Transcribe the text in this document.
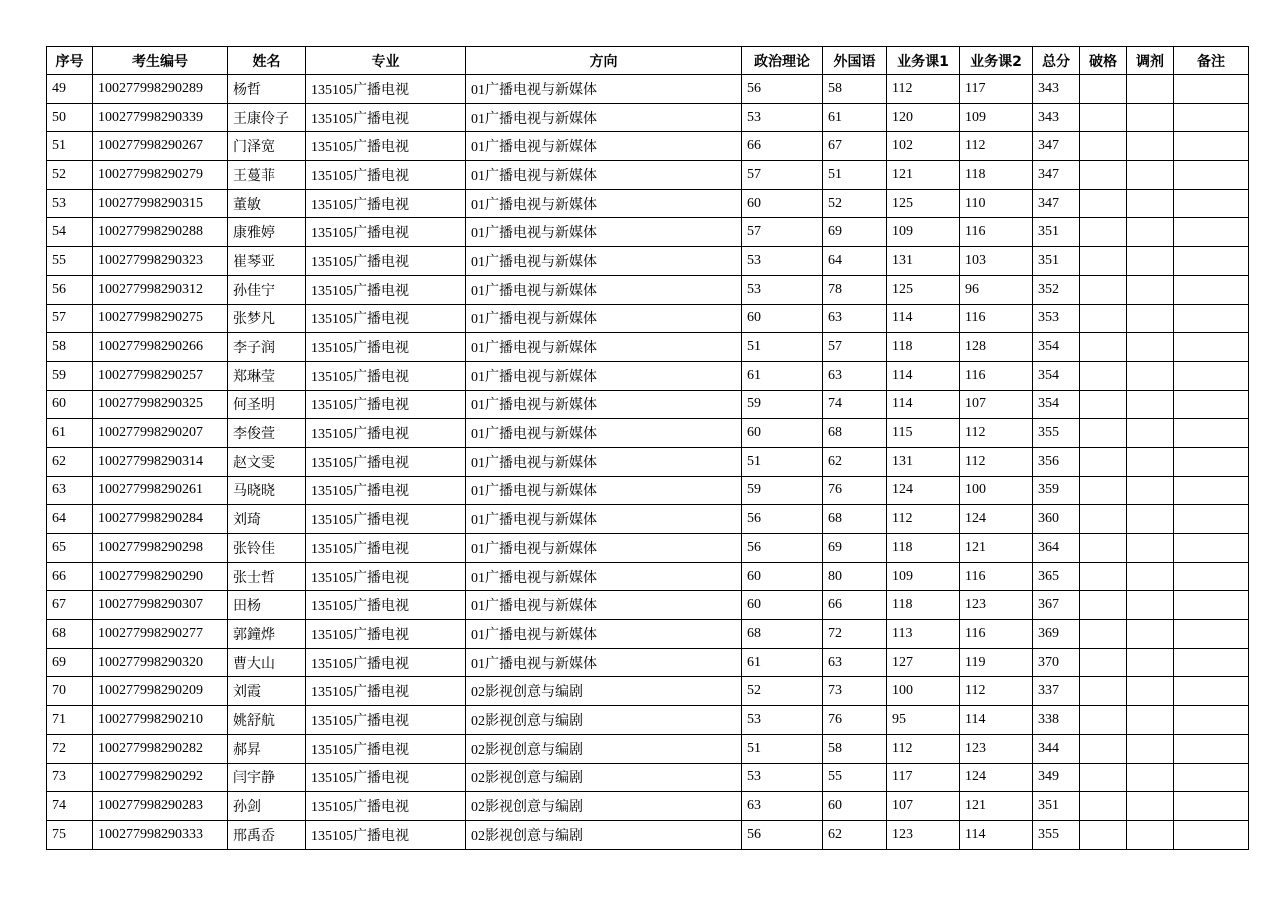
序号	考生编号	姓名	专业	方向	政治理论	外国语	业务课1	业务课2	总分	破格	调剂	备注
49	100277998290289	杨哲	135105广播电视	01广播电视与新媒体	56	58	112	117	343			
50	100277998290339	王康伶子	135105广播电视	01广播电视与新媒体	53	61	120	109	343			
51	100277998290267	门泽宽	135105广播电视	01广播电视与新媒体	66	67	102	112	347			
52	100277998290279	王蔓菲	135105广播电视	01广播电视与新媒体	57	51	121	118	347			
53	100277998290315	董敏	135105广播电视	01广播电视与新媒体	60	52	125	110	347			
54	100277998290288	康雅婷	135105广播电视	01广播电视与新媒体	57	69	109	116	351			
55	100277998290323	崔琴亚	135105广播电视	01广播电视与新媒体	53	64	131	103	351			
56	100277998290312	孙佳宁	135105广播电视	01广播电视与新媒体	53	78	125	96	352			
57	100277998290275	张梦凡	135105广播电视	01广播电视与新媒体	60	63	114	116	353			
58	100277998290266	李子润	135105广播电视	01广播电视与新媒体	51	57	118	128	354			
59	100277998290257	郑琳莹	135105广播电视	01广播电视与新媒体	61	63	114	116	354			
60	100277998290325	何圣明	135105广播电视	01广播电视与新媒体	59	74	114	107	354			
61	100277998290207	李俊萱	135105广播电视	01广播电视与新媒体	60	68	115	112	355			
62	100277998290314	赵文雯	135105广播电视	01广播电视与新媒体	51	62	131	112	356			
63	100277998290261	马晓晓	135105广播电视	01广播电视与新媒体	59	76	124	100	359			
64	100277998290284	刘琦	135105广播电视	01广播电视与新媒体	56	68	112	124	360			
65	100277998290298	张铃佳	135105广播电视	01广播电视与新媒体	56	69	118	121	364			
66	100277998290290	张士哲	135105广播电视	01广播电视与新媒体	60	80	109	116	365			
67	100277998290307	田杨	135105广播电视	01广播电视与新媒体	60	66	118	123	367			
68	100277998290277	郭鐘烨	135105广播电视	01广播电视与新媒体	68	72	113	116	369			
69	100277998290320	曹大山	135105广播电视	01广播电视与新媒体	61	63	127	119	370			
70	100277998290209	刘霞	135105广播电视	02影视创意与编剧	52	73	100	112	337			
71	100277998290210	姚舒航	135105广播电视	02影视创意与编剧	53	76	95	114	338			
72	100277998290282	郝昇	135105广播电视	02影视创意与编剧	51	58	112	123	344			
73	100277998290292	闫宇静	135105广播电视	02影视创意与编剧	53	55	117	124	349			
74	100277998290283	孙剑	135105广播电视	02影视创意与编剧	63	60	107	121	351			
75	100277998290333	邢禹岙	135105广播电视	02影视创意与编剧	56	62	123	114	355			
